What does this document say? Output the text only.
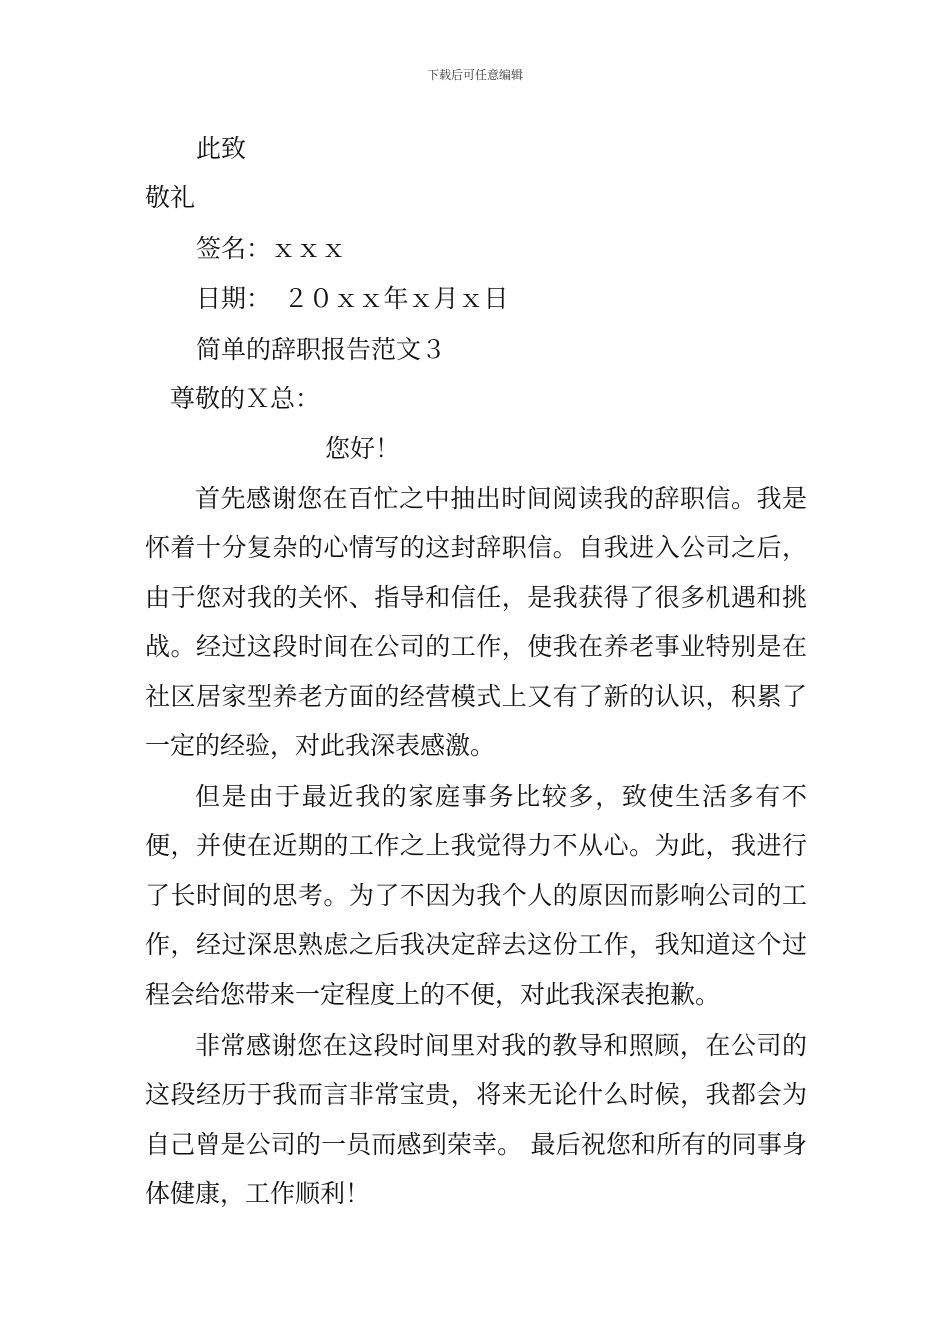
下载后可任意编辑
此致
敬礼
签名：ｘｘｘ
日期：　２０ｘｘ年ｘ月ｘ日
简单的辞职报告范文３
尊敬的Ｘ总：
您好！
首先感谢您在百忙之中抽出时间阅读我的辞职信。我是怀着十分复杂的心情写的这封辞职信。自我进入公司之后，由于您对我的关怀、指导和信任，是我获得了很多机遇和挑战。经过这段时间在公司的工作，使我在养老事业特别是在社区居家型养老方面的经营模式上又有了新的认识，积累了一定的经验，对此我深表感激。
但是由于最近我的家庭事务比较多，致使生活多有不便，并使在近期的工作之上我觉得力不从心。为此，我进行了长时间的思考。为了不因为我个人的原因而影响公司的工作，经过深思熟虑之后我决定辞去这份工作，我知道这个过程会给您带来一定程度上的不便，对此我深表抱歉。
非常感谢您在这段时间里对我的教导和照顾，在公司的这段经历于我而言非常宝贵，将来无论什么时候，我都会为自己曾是公司的一员而感到荣幸。 最后祝您和所有的同事身体健康，工作顺利！
